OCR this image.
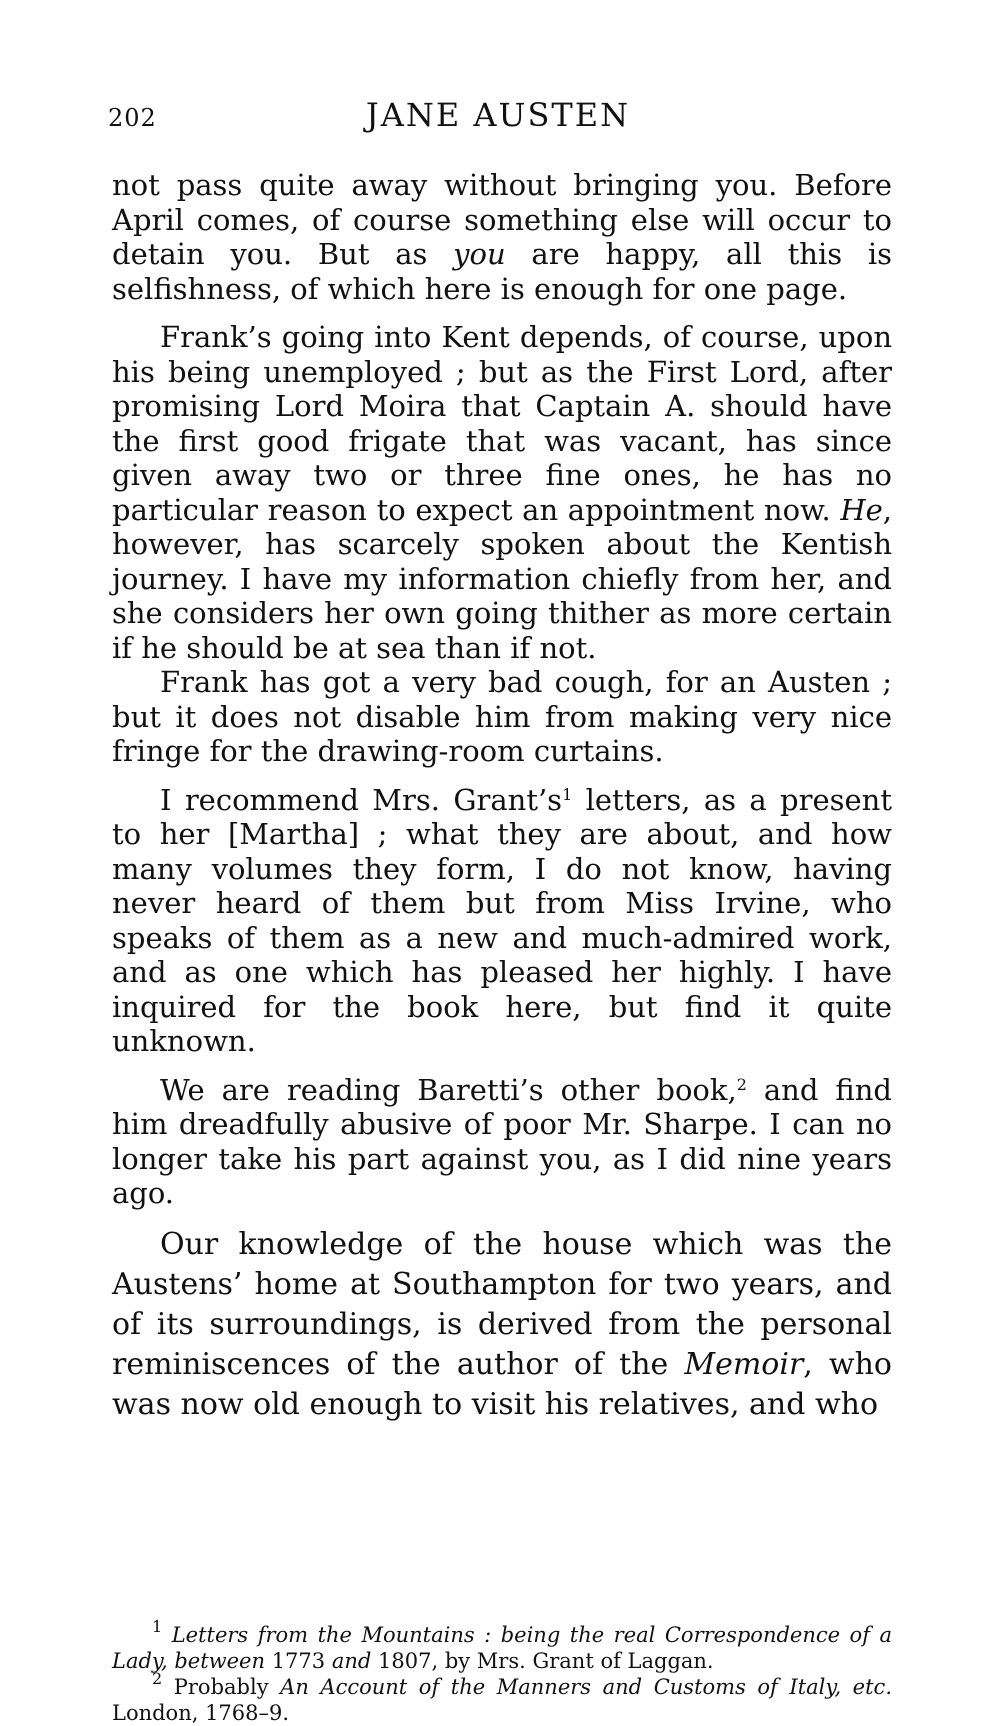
202	JANE AUSTEN

not pass quite away without bringing you. Before April comes, of course something else will occur to detain you. But as you are happy, all this is selfishness, of which here is enough for one page.

Frank’s going into Kent depends, of course, upon his being unemployed ; but as the First Lord, after promising Lord Moira that Captain A. should have the first good frigate that was vacant, has since given away two or three fine ones, he has no particular reason to expect an appointment now. He, however, has scarcely spoken about the Kentish journey. I have my information chiefly from her, and she considers her own going thither as more certain if he should be at sea than if not.

Frank has got a very bad cough, for an Austen ; but it does not disable him from making very nice fringe for the drawing-room curtains.

I recommend Mrs. $Grant’s^1$ letters, as a present to her [Martha] ; what they are about, and how many volumes they form, I do not know, having never heard of them but from Miss Irvine, who speaks of them as a new and much-admired work, and as one which has pleased her highly. I have inquired for the book here, but find it quite unknown.

We are reading Baretti’s other book,$^2$ and find him dreadfully abusive of poor Mr. Sharpe. I can no longer take his part against you, as I did nine years ago.

Our knowledge of the house which was the Austens’ home at Southampton for two years, and of its surroundings, is derived from the personal reminiscences of the author of the Memoir, who was now old enough to visit his relatives, and who

$^1$ Letters from the Mountains : being the real Correspondence of a Lady, between 1773 and 1807, by Mrs. Grant of Laggan.

$^2$ Probably An Account of the Manners and Customs of Italy, etc. London, 1768–9.
